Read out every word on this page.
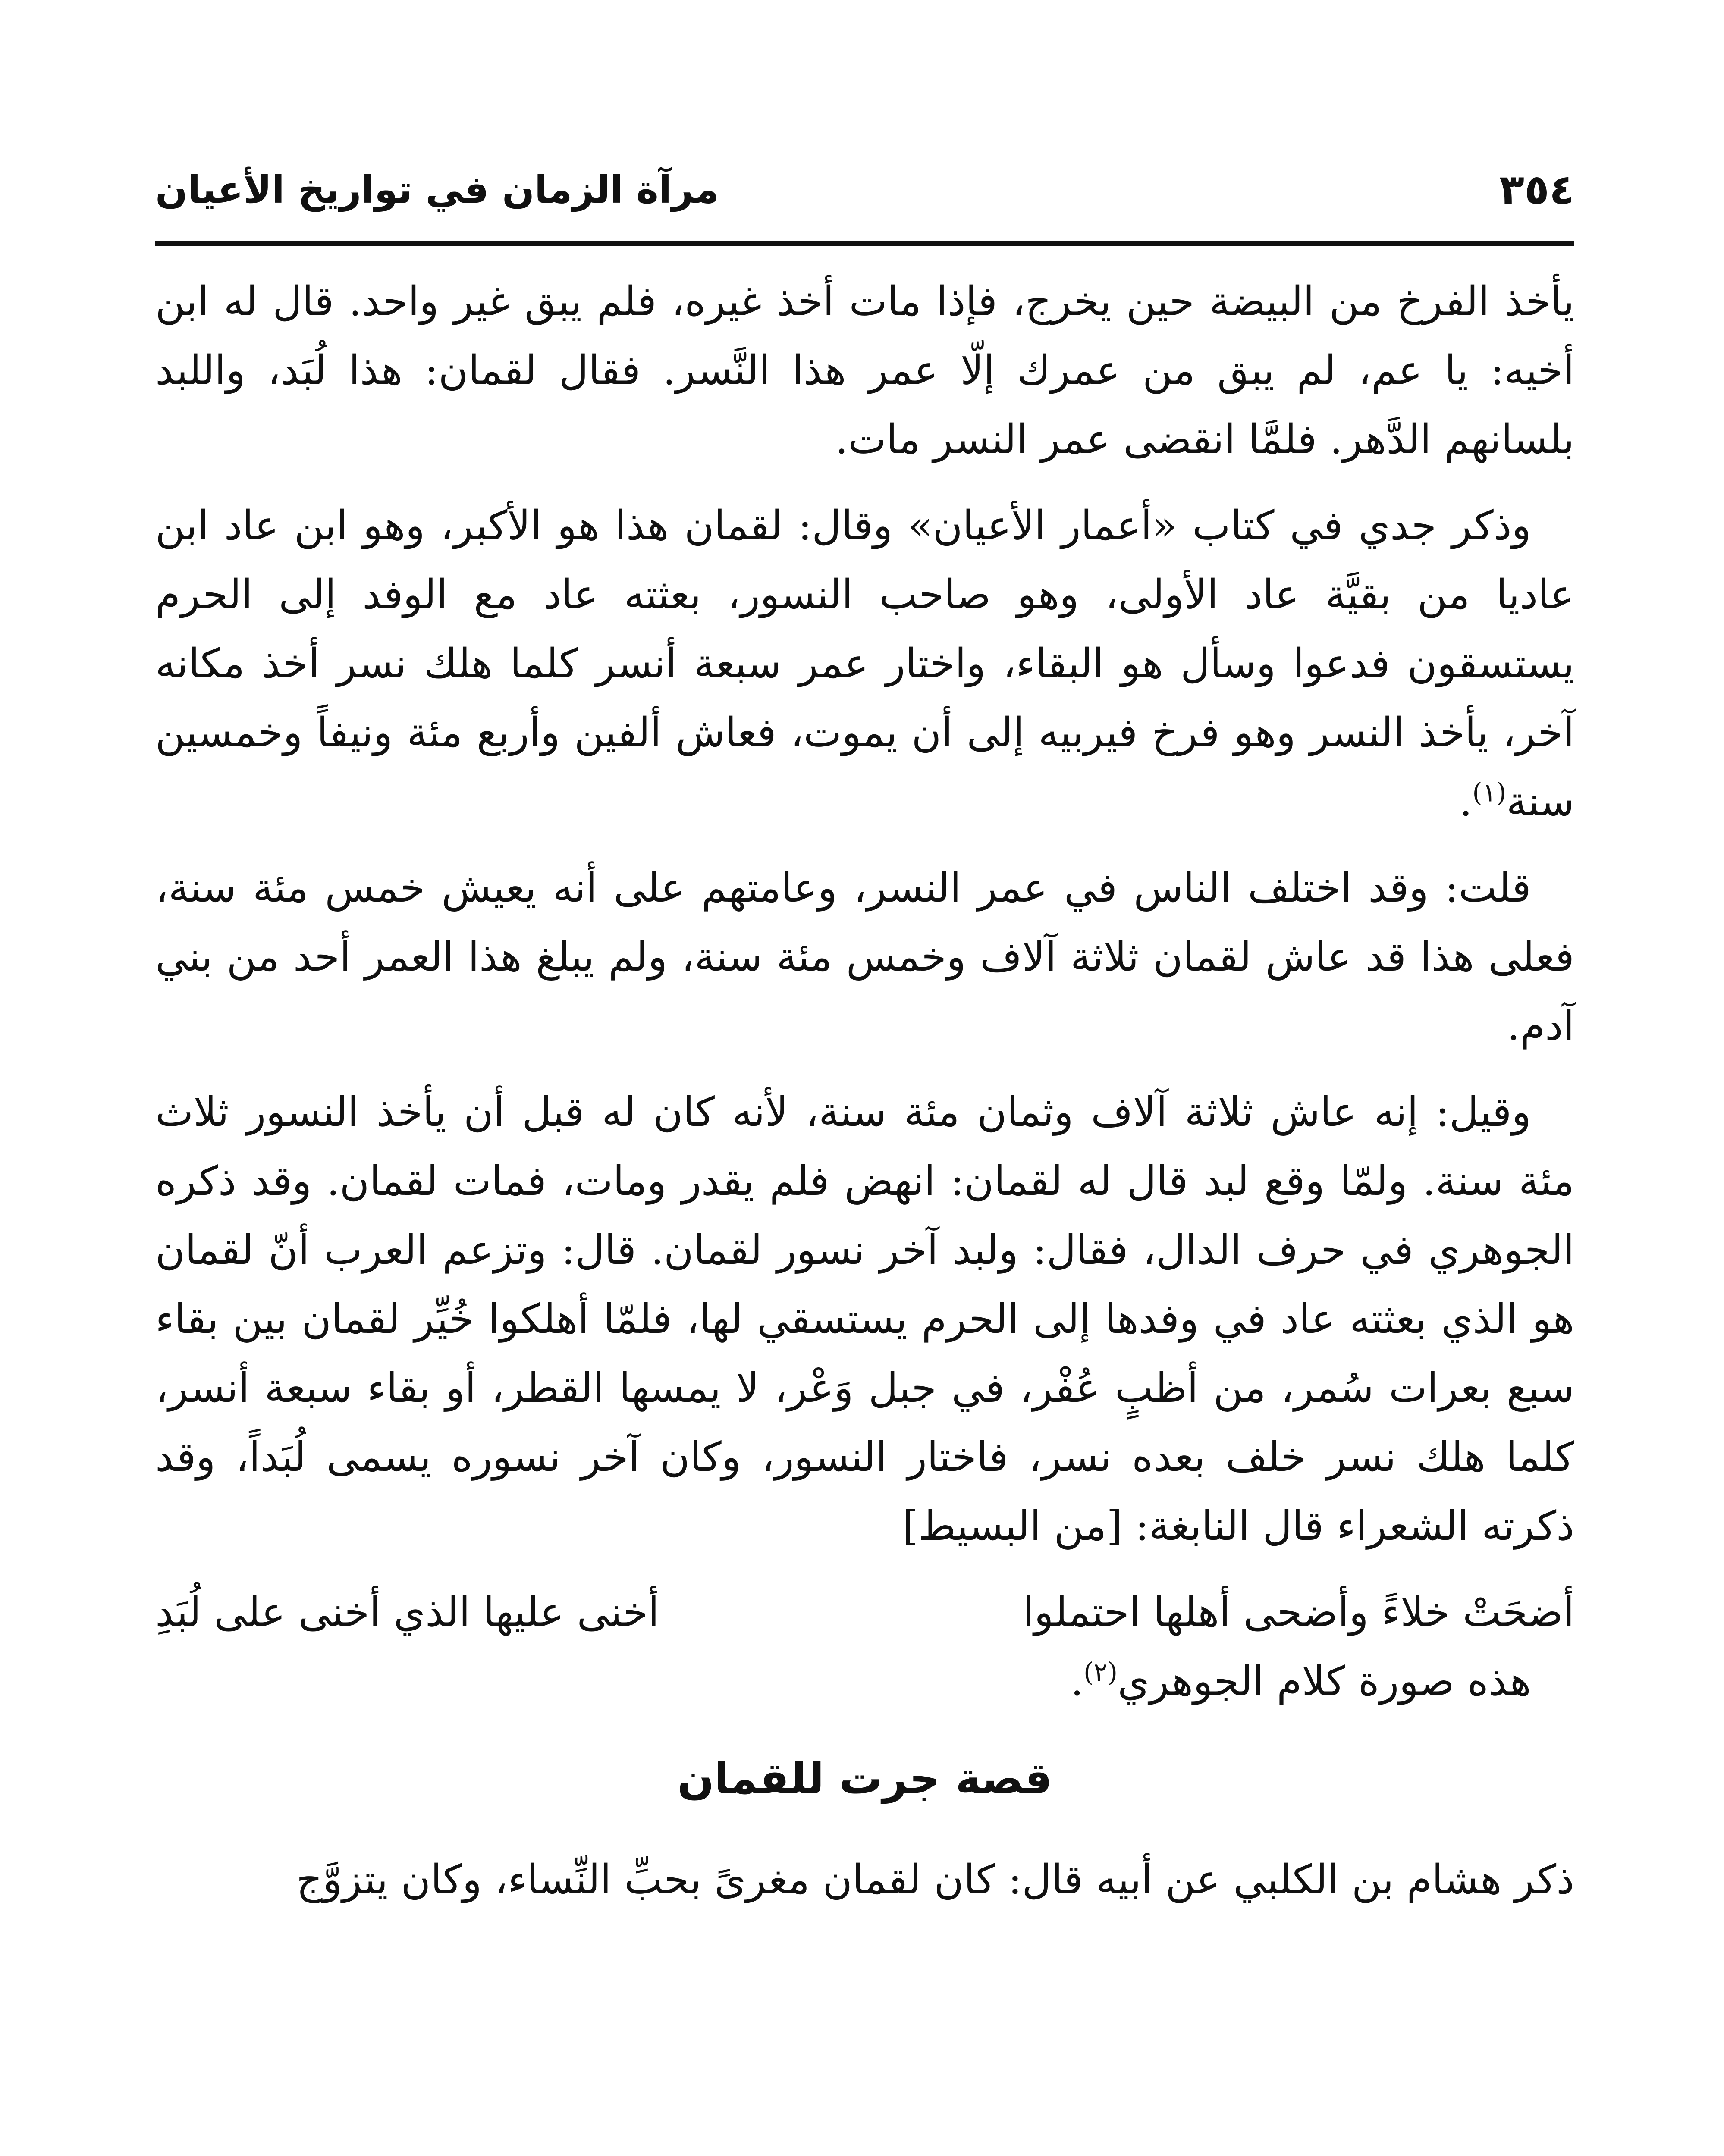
٣٥٤
مرآة الزمان في تواريخ الأعيان

يأخذ الفرخ من البيضة حين يخرج، فإذا مات أخذ غيره، فلم يبق غير واحد. قال له ابن أخيه: يا عم، لم يبق من عمرك إلّا عمر هذا النَّسر. فقال لقمان: هذا لُبَد، واللبد بلسانهم الدَّهر. فلمَّا انقضى عمر النسر مات.

وذكر جدي في كتاب «أعمار الأعيان» وقال: لقمان هذا هو الأكبر، وهو ابن عاد ابن عاديا من بقيَّة عاد الأولى، وهو صاحب النسور، بعثته عاد مع الوفد إلى الحرم يستسقون فدعوا وسأل هو البقاء، واختار عمر سبعة أنسر كلما هلك نسر أخذ مكانه آخر، يأخذ النسر وهو فرخ فيربيه إلى أن يموت، فعاش ألفين وأربع مئة ونيفاً وخمسين سنة$^{(١)}$.

قلت: وقد اختلف الناس في عمر النسر، وعامتهم على أنه يعيش خمس مئة سنة، فعلى هذا قد عاش لقمان ثلاثة آلاف وخمس مئة سنة، ولم يبلغ هذا العمر أحد من بني آدم.

وقيل: إنه عاش ثلاثة آلاف وثمان مئة سنة، لأنه كان له قبل أن يأخذ النسور ثلاث مئة سنة. ولمّا وقع لبد قال له لقمان: انهض فلم يقدر ومات، فمات لقمان. وقد ذكره الجوهري في حرف الدال، فقال: ولبد آخر نسور لقمان. قال: وتزعم العرب أنّ لقمان هو الذي بعثته عاد في وفدها إلى الحرم يستسقي لها، فلمّا أهلكوا خُيِّر لقمان بين بقاء سبع بعرات سُمر، من أظبٍ عُفْر، في جبل وَعْر، لا يمسها القطر، أو بقاء سبعة أنسر، كلما هلك نسر خلف بعده نسر، فاختار النسور، وكان آخر نسوره يسمى لُبَداً، وقد ذكرته الشعراء قال النابغة: [من البسيط]

أضحَتْ خلاءً وأضحى أهلها احتملوا
أخنى عليها الذي أخنى على لُبَدِ

هذه صورة كلام الجوهري$^{(٢)}$.

قصة جرت للقمان

ذكر هشام بن الكلبي عن أبيه قال: كان لقمان مغرىً بحبِّ النِّساء، وكان يتزوَّج
